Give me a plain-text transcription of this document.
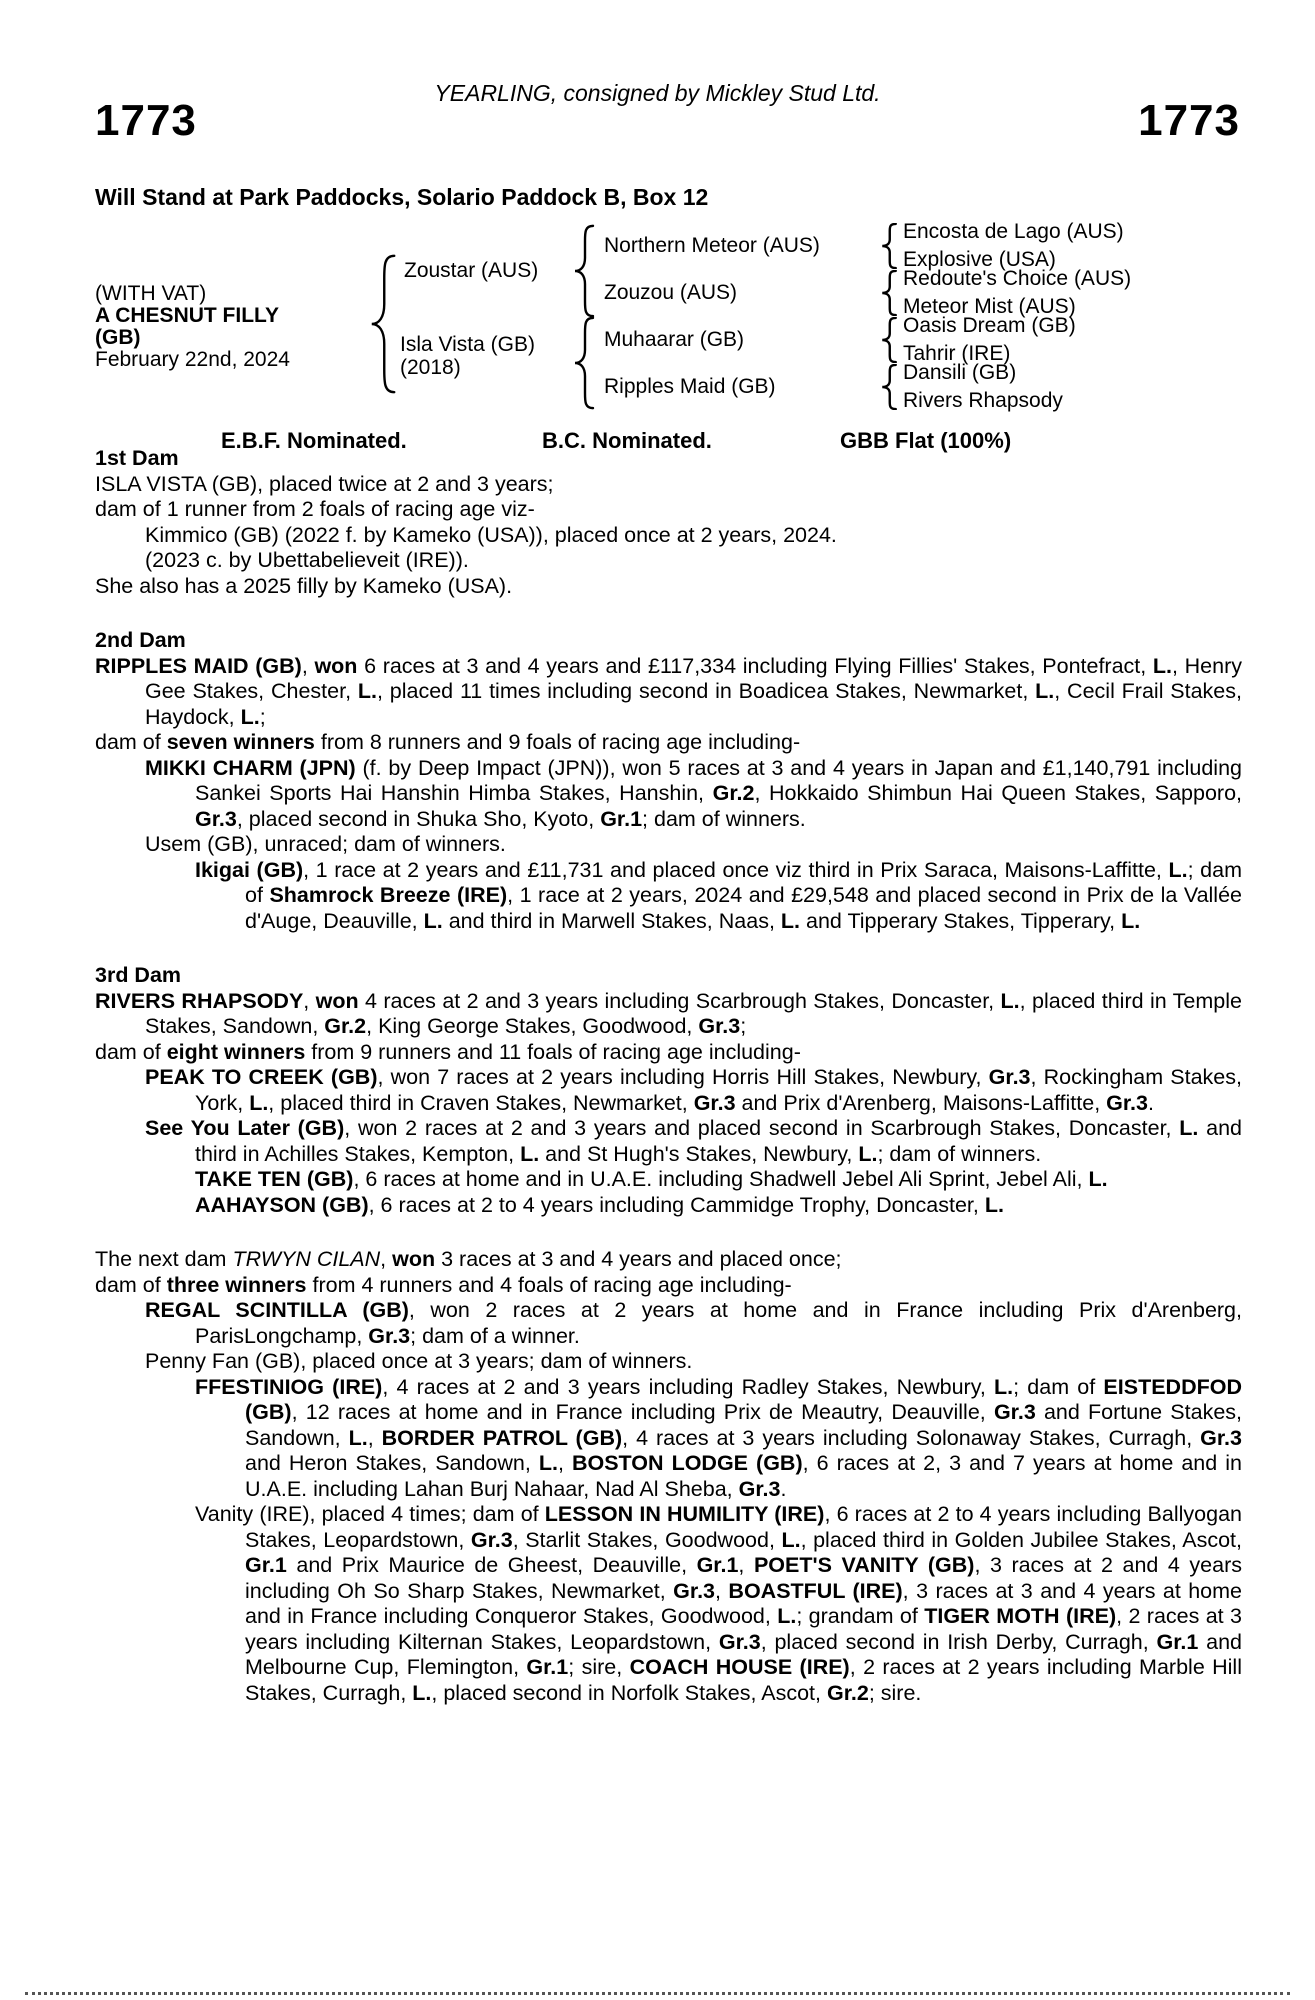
YEARLING, consigned by Mickley Stud Ltd.
1773	1773
Will Stand at Park Paddocks, Solario Paddock B, Box 12
(WITH VAT)
A CHESNUT FILLY
(GB)
February 22nd, 2024
Zoustar (AUS)
Isla Vista (GB)
(2018)
Northern Meteor (AUS)
Zouzou (AUS)
Muhaarar (GB)
Ripples Maid (GB)
Encosta de Lago (AUS)
Explosive (USA)
Redoute's Choice (AUS)
Meteor Mist (AUS)
Oasis Dream (GB)
Tahrir (IRE)
Dansili (GB)
Rivers Rhapsody
E.B.F. Nominated.	B.C. Nominated.	GBB Flat (100%)

1st Dam

ISLA VISTA (GB), placed twice at 2 and 3 years;

dam of 1 runner from 2 foals of racing age viz-

Kimmico (GB) (2022 f. by Kameko (USA)), placed once at 2 years, 2024.

(2023 c. by Ubettabelieveit (IRE)).

She also has a 2025 filly by Kameko (USA).

2nd Dam

RIPPLES MAID (GB), won 6 races at 3 and 4 years and £117,334 including Flying Fillies' Stakes, Pontefract, L., Henry Gee Stakes, Chester, L., placed 11 times including second in Boadicea Stakes, Newmarket, L., Cecil Frail Stakes, Haydock, L.;

dam of seven winners from 8 runners and 9 foals of racing age including-

MIKKI CHARM (JPN) (f. by Deep Impact (JPN)), won 5 races at 3 and 4 years in Japan and £1,140,791 including Sankei Sports Hai Hanshin Himba Stakes, Hanshin, Gr.2, Hokkaido Shimbun Hai Queen Stakes, Sapporo, Gr.3, placed second in Shuka Sho, Kyoto, Gr.1; dam of winners.

Usem (GB), unraced; dam of winners.

Ikigai (GB), 1 race at 2 years and £11,731 and placed once viz third in Prix Saraca, Maisons-Laffitte, L.; dam of Shamrock Breeze (IRE), 1 race at 2 years, 2024 and £29,548 and placed second in Prix de la Vallée d'Auge, Deauville, L. and third in Marwell Stakes, Naas, L. and Tipperary Stakes, Tipperary, L.

3rd Dam

RIVERS RHAPSODY, won 4 races at 2 and 3 years including Scarbrough Stakes, Doncaster, L., placed third in Temple Stakes, Sandown, Gr.2, King George Stakes, Goodwood, Gr.3;

dam of eight winners from 9 runners and 11 foals of racing age including-

PEAK TO CREEK (GB), won 7 races at 2 years including Horris Hill Stakes, Newbury, Gr.3, Rockingham Stakes, York, L., placed third in Craven Stakes, Newmarket, Gr.3 and Prix d'Arenberg, Maisons-Laffitte, Gr.3.

See You Later (GB), won 2 races at 2 and 3 years and placed second in Scarbrough Stakes, Doncaster, L. and third in Achilles Stakes, Kempton, L. and St Hugh's Stakes, Newbury, L.; dam of winners.

TAKE TEN (GB), 6 races at home and in U.A.E. including Shadwell Jebel Ali Sprint, Jebel Ali, L.

AAHAYSON (GB), 6 races at 2 to 4 years including Cammidge Trophy, Doncaster, L.

The next dam TRWYN CILAN, won 3 races at 3 and 4 years and placed once;

dam of three winners from 4 runners and 4 foals of racing age including-

REGAL SCINTILLA (GB), won 2 races at 2 years at home and in France including Prix d'Arenberg, ParisLongchamp, Gr.3; dam of a winner.

Penny Fan (GB), placed once at 3 years; dam of winners.

FFESTINIOG (IRE), 4 races at 2 and 3 years including Radley Stakes, Newbury, L.; dam of EISTEDDFOD (GB), 12 races at home and in France including Prix de Meautry, Deauville, Gr.3 and Fortune Stakes, Sandown, L., BORDER PATROL (GB), 4 races at 3 years including Solonaway Stakes, Curragh, Gr.3 and Heron Stakes, Sandown, L., BOSTON LODGE (GB), 6 races at 2, 3 and 7 years at home and in U.A.E. including Lahan Burj Nahaar, Nad Al Sheba, Gr.3.

Vanity (IRE), placed 4 times; dam of LESSON IN HUMILITY (IRE), 6 races at 2 to 4 years including Ballyogan Stakes, Leopardstown, Gr.3, Starlit Stakes, Goodwood, L., placed third in Golden Jubilee Stakes, Ascot, Gr.1 and Prix Maurice de Gheest, Deauville, Gr.1, POET'S VANITY (GB), 3 races at 2 and 4 years including Oh So Sharp Stakes, Newmarket, Gr.3, BOASTFUL (IRE), 3 races at 3 and 4 years at home and in France including Conqueror Stakes, Goodwood, L.; grandam of TIGER MOTH (IRE), 2 races at 3 years including Kilternan Stakes, Leopardstown, Gr.3, placed second in Irish Derby, Curragh, Gr.1 and Melbourne Cup, Flemington, Gr.1; sire, COACH HOUSE (IRE), 2 races at 2 years including Marble Hill Stakes, Curragh, L., placed second in Norfolk Stakes, Ascot, Gr.2; sire.
